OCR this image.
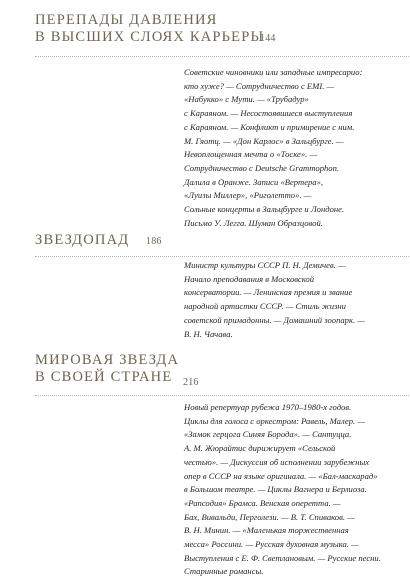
ПЕРЕПАДЫ ДАВЛЕНИЯ
В ВЫСШИХ СЛОЯХ КАРЬЕРЫ
144
Советские чиновники или западные импресарио:
кто хуже? — Сотрудничество с EMI. —
«Набукко» с Мути. — «Трубадур»
с Караяном. — Несостоявшиеся выступления
с Караяном. — Конфликт и примирение с ним.
М. Гяотц. — «Дон Карлос» в Зальцбурге. —
Невоплощенная мечта о «Тоске». —
Сотрудничество с Deutsche Grammophon.
Далила в Оранже. Записи «Вертера»,
«Луизы Миллер», «Риголетто». —
Сольные концерты в Зальцбурге и Лондоне.
Письмо У. Легга. Шуман Образцовой.
ЗВЕЗДОПАД 186
Министр культуры СССР П. Н. Демичев. —
Начало преподавания в Московской
консерватории. — Ленинская премия и звание
народной артистки СССР. — Стиль жизни
советской примадонны. — Домашний зоопарк. —
В. Н. Чачава.
МИРОВАЯ ЗВЕЗДА
В СВОЕЙ СТРАНЕ	216
Новый репертуар рубежа 1970–1980-х годов.
Циклы для голоса с оркестром: Равель, Малер. —
«Замок герцога Синяя Борода». — Сантуцца.
А. М. Жюрайтис дирижирует «Сельской
честью». — Дискуссия об исполнении зарубежных
опер в СССР на языке оригинала. — «Бал-маскарад»
в Большом театре. — Циклы Вагнера и Берлиоза.
«Рапсодия» Брамса. Венская оперетта. —
Бах, Вивальди, Перголези. — В. Т. Спиваков. —
В. Н. Минин. — «Маленькая торжественная
месса» Россини. — Русская духовная музыка. —
Выступления с Е. Ф. Светлановым. — Русские песни.
Старинные романсы.
